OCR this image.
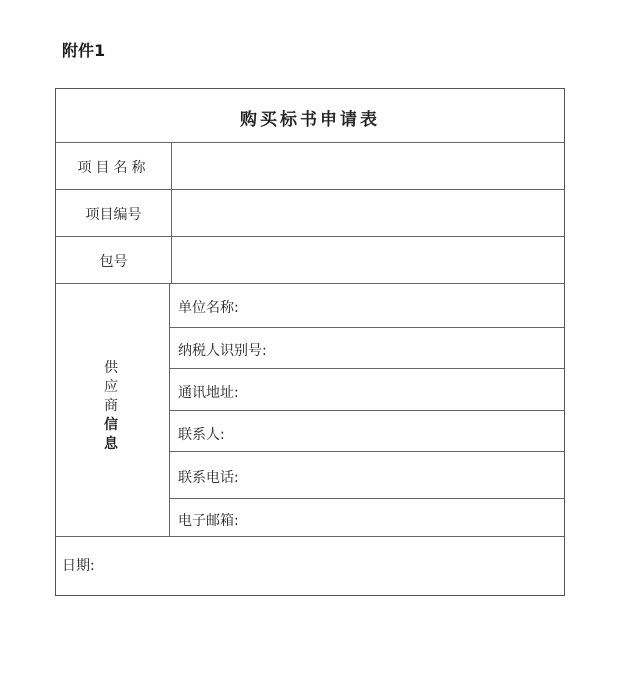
附件1
购买标书申请表
项目名称
项目编号
包号
供
应
商
信
息
单位名称:
纳税人识别号:
通讯地址:
联系人:
联系电话:
电子邮箱:
日期:
